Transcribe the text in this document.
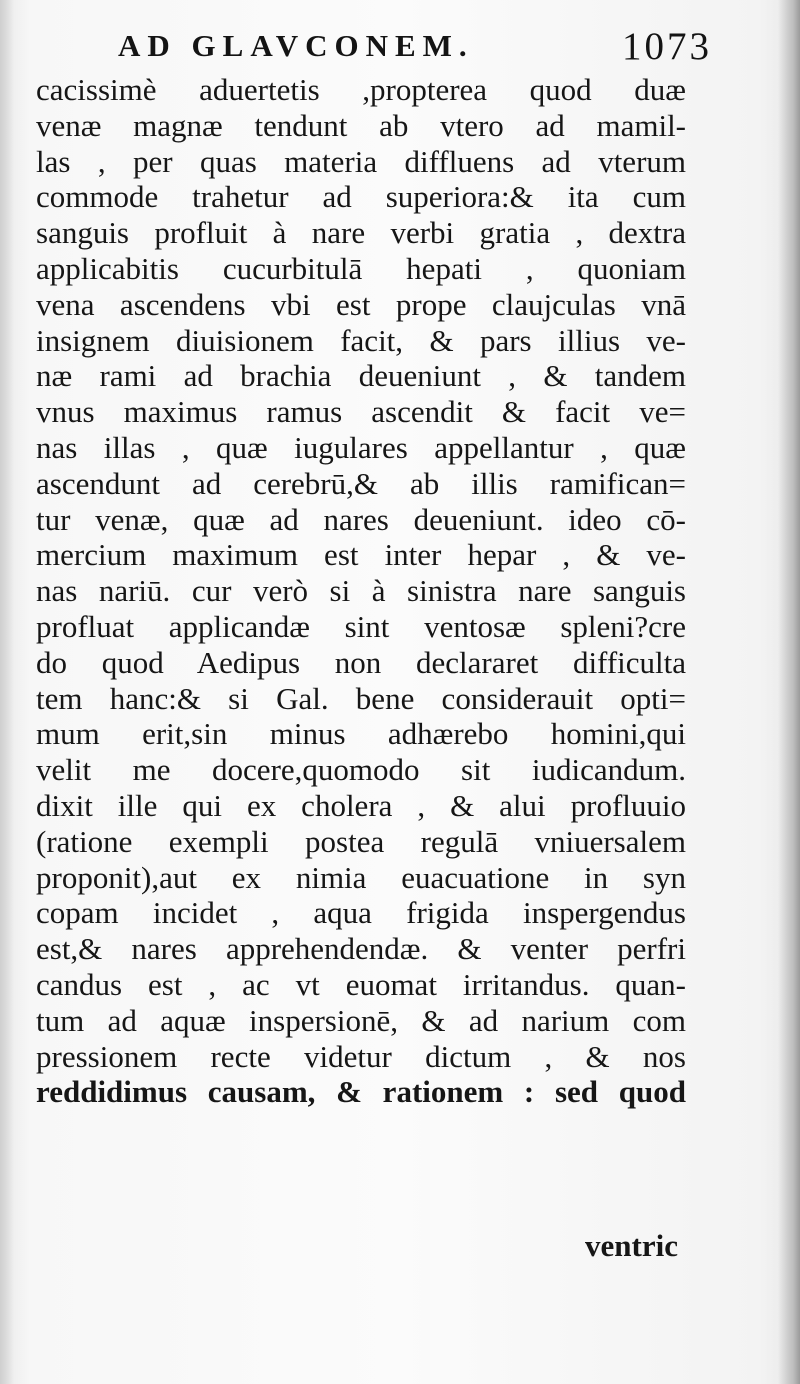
AD GLAVCONEM.	1073
cacissimè aduertetis ,propterea quod duæ
venæ magnæ tendunt ab vtero ad mamil-
las , per quas materia diffluens ad vterum
commode trahetur ad superiora:& ita cum
sanguis profluit à nare verbi gratia , dextra
applicabitis cucurbitulā hepati , quoniam
vena ascendens vbi est prope claujculas vnā
insignem diuisionem facit, & pars illius ve-
næ rami ad brachia deueniunt , & tandem
vnus maximus ramus ascendit & facit ve=
nas illas , quæ iugulares appellantur , quæ
ascendunt ad cerebrū,& ab illis ramifican=
tur venæ, quæ ad nares deueniunt. ideo cō-
mercium maximum est inter hepar , & ve-
nas nariū. cur verò si à sinistra nare sanguis
profluat applicandæ sint ventosæ spleni?cre
do quod Aedipus non declararet difficulta
tem hanc:& si Gal. bene considerauit opti=
mum erit,sin minus adhærebo homini,qui
velit me docere,quomodo sit iudicandum.
dixit ille qui ex cholera , & alui profluuio
(ratione exempli postea regulā vniuersalem
proponit),aut ex nimia euacuatione in syn
copam incidet , aqua frigida inspergendus
est,& nares apprehendendæ. & venter perfri
candus est , ac vt euomat irritandus. quan-
tum ad aquæ inspersionē, & ad narium com
pressionem recte videtur dictum , & nos
reddidimus causam, & rationem : sed quod
ventric
